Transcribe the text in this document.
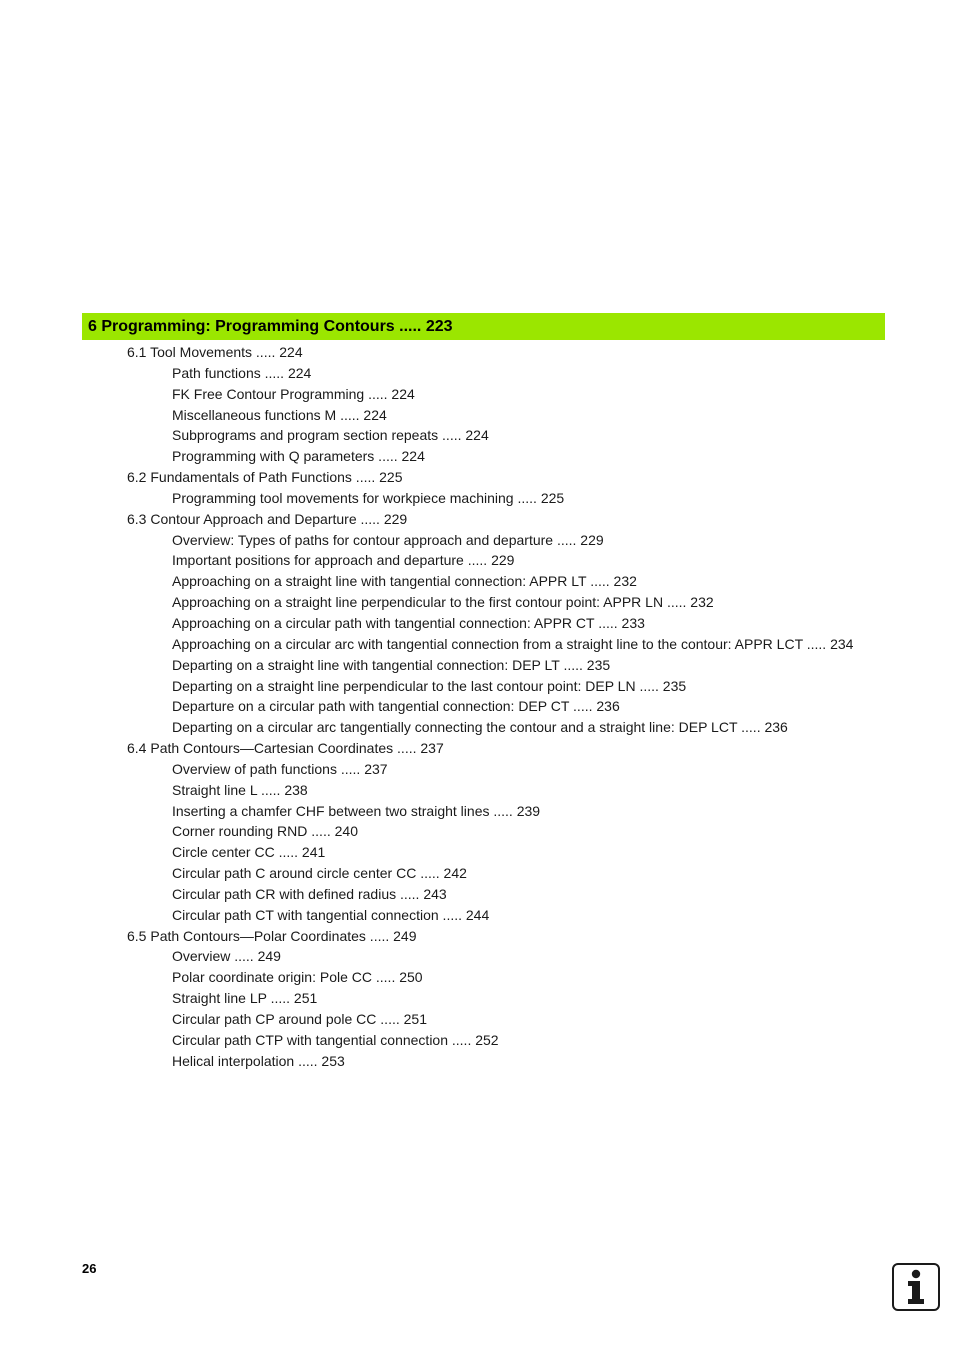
6 Programming: Programming Contours ..... 223
6.1 Tool Movements ..... 224
Path functions ..... 224
FK Free Contour Programming ..... 224
Miscellaneous functions M ..... 224
Subprograms and program section repeats ..... 224
Programming with Q parameters ..... 224
6.2 Fundamentals of Path Functions ..... 225
Programming tool movements for workpiece machining ..... 225
6.3 Contour Approach and Departure ..... 229
Overview: Types of paths for contour approach and departure ..... 229
Important positions for approach and departure ..... 229
Approaching on a straight line with tangential connection: APPR LT ..... 232
Approaching on a straight line perpendicular to the first contour point: APPR LN ..... 232
Approaching on a circular path with tangential connection: APPR CT ..... 233
Approaching on a circular arc with tangential connection from a straight line to the contour: APPR LCT ..... 234
Departing on a straight line with tangential connection: DEP LT ..... 235
Departing on a straight line perpendicular to the last contour point: DEP LN ..... 235
Departure on a circular path with tangential connection: DEP CT ..... 236
Departing on a circular arc tangentially connecting the contour and a straight line: DEP LCT ..... 236
6.4 Path Contours—Cartesian Coordinates ..... 237
Overview of path functions ..... 237
Straight line L ..... 238
Inserting a chamfer CHF between two straight lines ..... 239
Corner rounding RND ..... 240
Circle center CC ..... 241
Circular path C around circle center CC ..... 242
Circular path CR with defined radius ..... 243
Circular path CT with tangential connection ..... 244
6.5 Path Contours—Polar Coordinates ..... 249
Overview ..... 249
Polar coordinate origin: Pole CC ..... 250
Straight line LP ..... 251
Circular path CP around pole CC ..... 251
Circular path CTP with tangential connection ..... 252
Helical interpolation ..... 253
26
